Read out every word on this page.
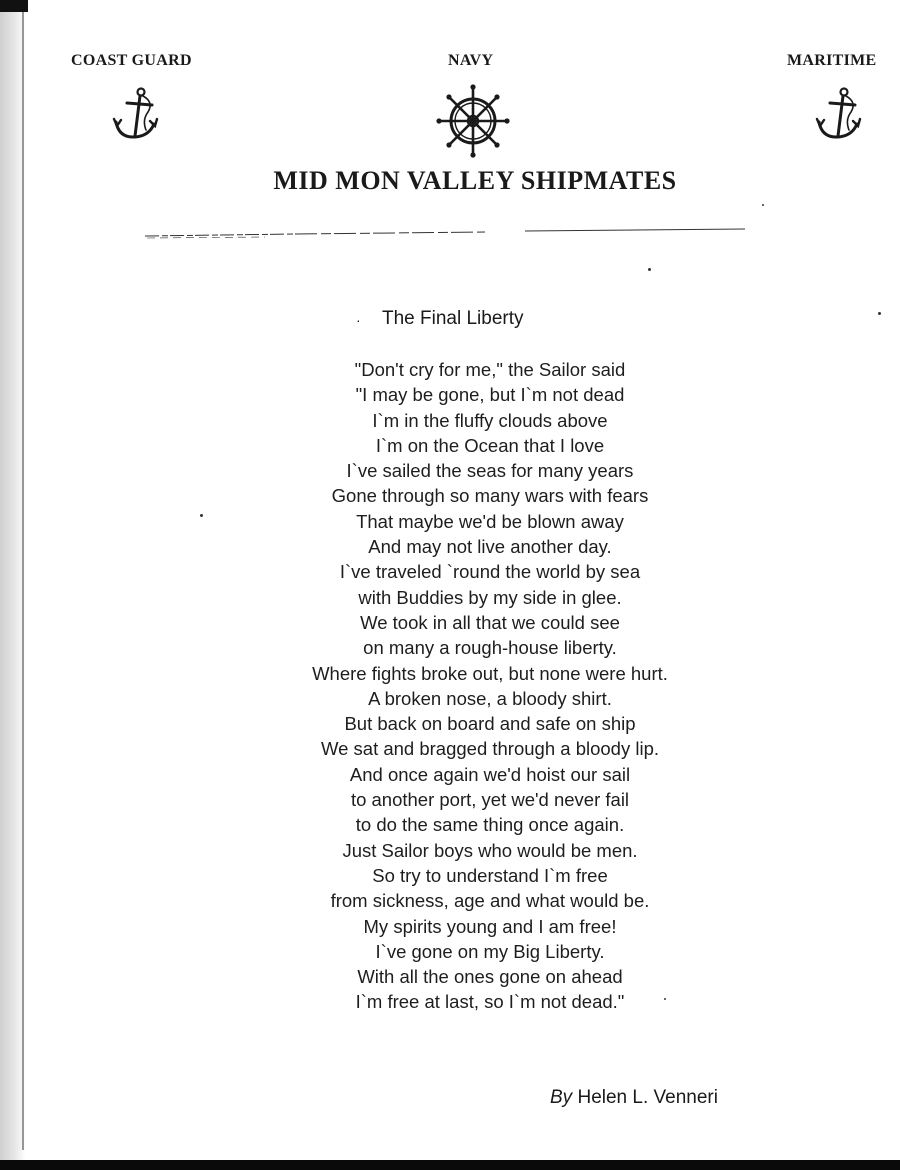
COAST GUARD	NAVY	MARITIME
MID MON VALLEY SHIPMATES
· The Final Liberty
"Don't cry for me," the Sailor said
"I may be gone, but I`m not dead
I`m in the fluffy clouds above
I`m on the Ocean that I love
I`ve sailed the seas for many years
Gone through so many wars with fears
That maybe we'd be blown away
And may not live another day.
I`ve traveled `round the world by sea
with Buddies by my side in glee.
We took in all that we could see
on many a rough-house liberty.
Where fights broke out, but none were hurt.
A broken nose, a bloody shirt.
But back on board and safe on ship
We sat and bragged through a bloody lip.
And once again we'd hoist our sail
to another port, yet we'd never fail
to do the same thing once again.
Just Sailor boys who would be men.
So try to understand I`m free
from sickness, age and what would be.
My spirits young and I am free!
I`ve gone on my Big Liberty.
With all the ones gone on ahead
I`m free at last, so I`m not dead."
By Helen L. Venneri
